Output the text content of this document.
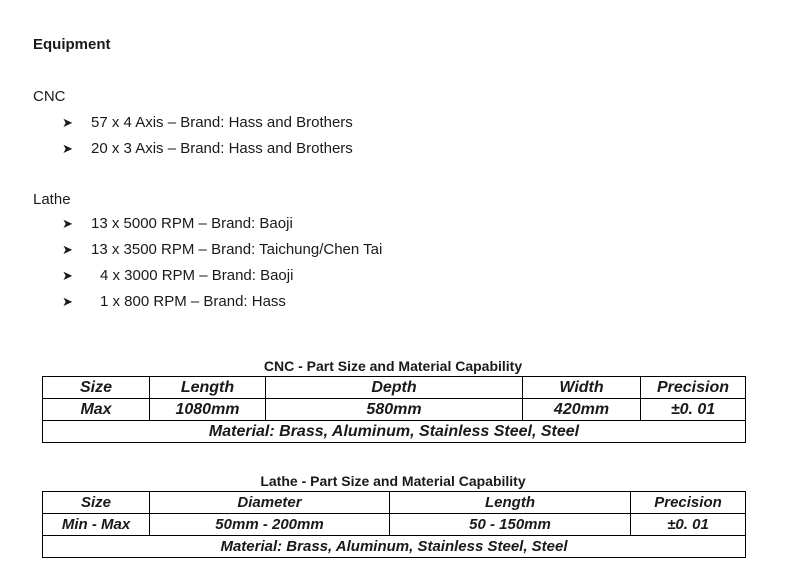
Equipment
CNC
➤ 57 x 4 Axis – Brand: Hass and Brothers
➤ 20 x 3 Axis – Brand: Hass and Brothers
Lathe
➤ 13 x 5000 RPM – Brand: Baoji
➤ 13 x 3500 RPM – Brand: Taichung/Chen Tai
➤ 4 x 3000 RPM – Brand: Baoji
➤ 1 x 800 RPM – Brand: Hass
CNC - Part Size and Material Capability
Size	Length	Depth	Width	Precision
Max	1080mm	580mm	420mm	±0. 01
Material: Brass, Aluminum, Stainless Steel, Steel				
Lathe - Part Size and Material Capability
Size	Diameter	Length	Precision
Min - Max	50mm - 200mm	50 - 150mm	±0. 01
Material: Brass, Aluminum, Stainless Steel, Steel			
